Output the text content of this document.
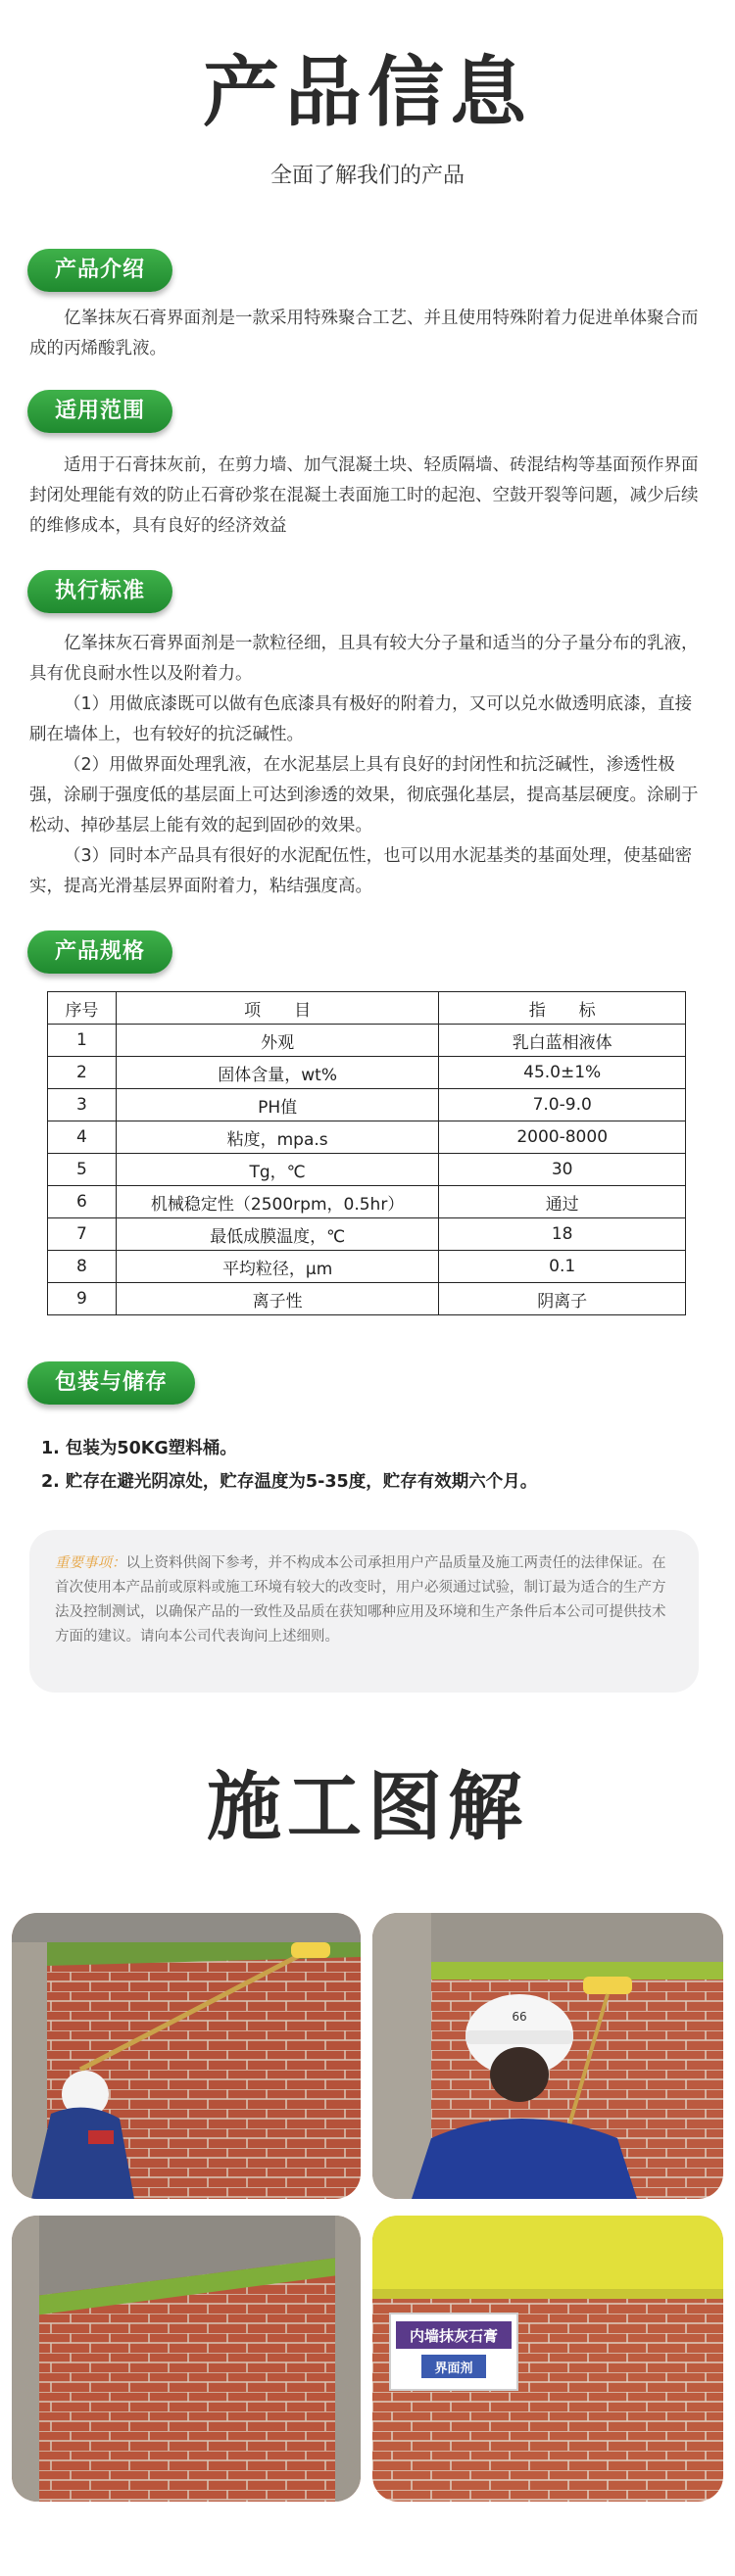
产品信息
全面了解我们的产品
产品介绍

亿峯抹灰石膏界面剂是一款采用特殊聚合工艺、并且使用特殊附着力促进单体聚合而成的丙烯酸乳液。

适用范围

适用于石膏抹灰前，在剪力墙、加气混凝土块、轻质隔墙、砖混结构等基面预作界面封闭处理能有效的防止石膏砂浆在混凝土表面施工时的起泡、空鼓开裂等问题，减少后续的维修成本，具有良好的经济效益

执行标准

亿峯抹灰石膏界面剂是一款粒径细，且具有较大分子量和适当的分子量分布的乳液，具有优良耐水性以及附着力。

（1）用做底漆既可以做有色底漆具有极好的附着力，又可以兑水做透明底漆，直接刷在墙体上，也有较好的抗泛碱性。

（2）用做界面处理乳液，在水泥基层上具有良好的封闭性和抗泛碱性，渗透性极强，涂刷于强度低的基层面上可达到渗透的效果，彻底强化基层，提高基层硬度。涂刷于松动、掉砂基层上能有效的起到固砂的效果。

（3）同时本产品具有很好的水泥配伍性，也可以用水泥基类的基面处理，使基础密实，提高光滑基层界面附着力，粘结强度高。

产品规格
序号	项　　目	指　　标
1	外观	乳白蓝相液体
2	固体含量，wt%	45.0±1%
3	PH值	7.0-9.0
4	粘度，mpa.s	2000-8000
5	Tg，℃	30
6	机械稳定性（2500rpm，0.5hr）	通过
7	最低成膜温度，℃	18
8	平均粒径，μm	0.1
9	离子性	阴离子
包装与储存
1. 包装为50KG塑料桶。
2. 贮存在避光阴凉处，贮存温度为5-35度，贮存有效期六个月。
重要事项：以上资料供阁下参考，并不构成本公司承担用户产品质量及施工两责任的法律保证。在首次使用本产品前或原料或施工环境有较大的改变时，用户必须通过试验，制订最为适合的生产方法及控制测试，以确保产品的一致性及品质在获知哪种应用及环境和生产条件后本公司可提供技术方面的建议。请向本公司代表询问上述细则。
施工图解
66
内墙抹灰石膏
界面剂
